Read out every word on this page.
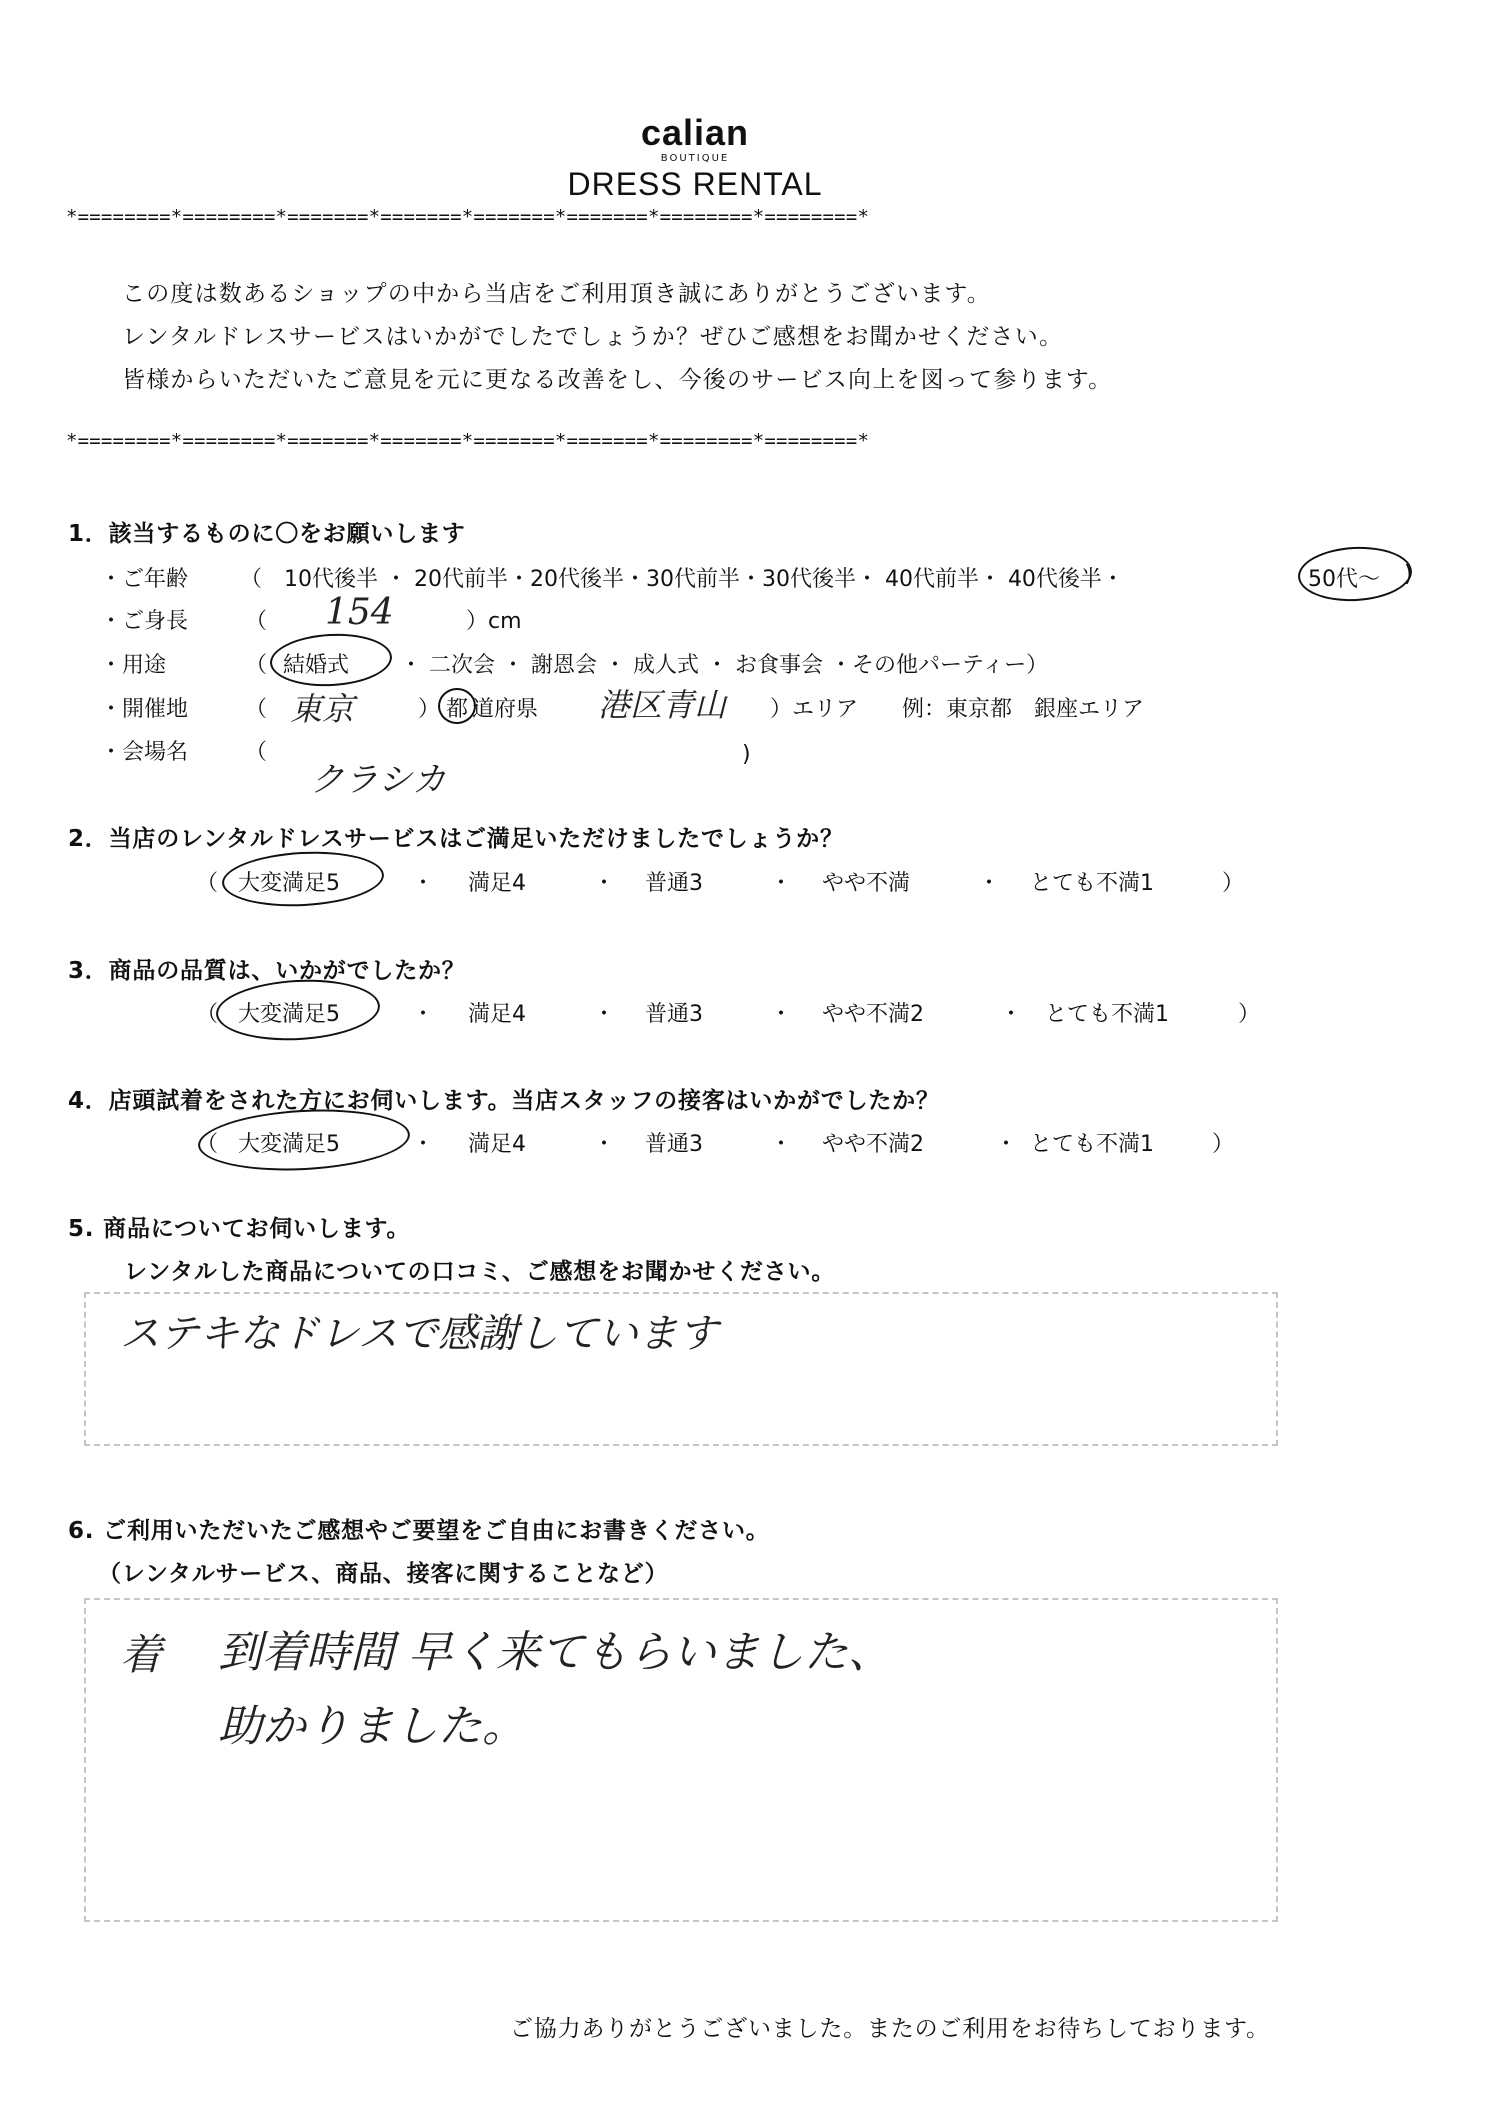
calian
BOUTIQUE
DRESS RENTAL
*========*========*=======*=======*=======*=======*========*========*
この度は数あるショップの中から当店をご利用頂き誠にありがとうございます。
レンタルドレスサービスはいかがでしたでしょうか？ぜひご感想をお聞かせください。
皆様からいただいたご意見を元に更なる改善をし、今後のサービス向上を図って参ります。
*========*========*=======*=======*=======*=======*========*========*
1．該当するものに〇をお願いします
・ご年齢 （　10代後半 ・ 20代前半・20代後半・30代前半・30代後半・ 40代前半・ 40代後半・	50代～ )
・ご身長	（ 154	）cm
・用途	（ 結婚式 ・ 二次会 ・ 謝恩会 ・ 成人式 ・ お食事会 ・その他パーティー）
・開催地	（ 東京	） 都 道府県 港区青山 ）エリア　　例：東京都　銀座エリア
・会場名	（
クラシカ
)
2．当店のレンタルドレスサービスはご満足いただけましたでしょうか？
（ 大変満足5	・ 満足4	・ 普通3	・ やや不満	・ とても不満1	）
3．商品の品質は、いかがでしたか？
（ 大変満足5	・ 満足4	・ 普通3	・ やや不満2	・ とても不満1	）
4．店頭試着をされた方にお伺いします。当店スタッフの接客はいかがでしたか？
（ 大変満足5	・ 満足4	・ 普通3	・ やや不満2	・ とても不満1	）
5. 商品についてお伺いします。
レンタルした商品についての口コミ、ご感想をお聞かせください。
ステキなドレスで感謝しています
6. ご利用いただいたご感想やご要望をご自由にお書きください。
（レンタルサービス、商品、接客に関することなど）
着 到着時間 早く来てもらいました、
助かりました。
ご協力ありがとうございました。またのご利用をお待ちしております。
